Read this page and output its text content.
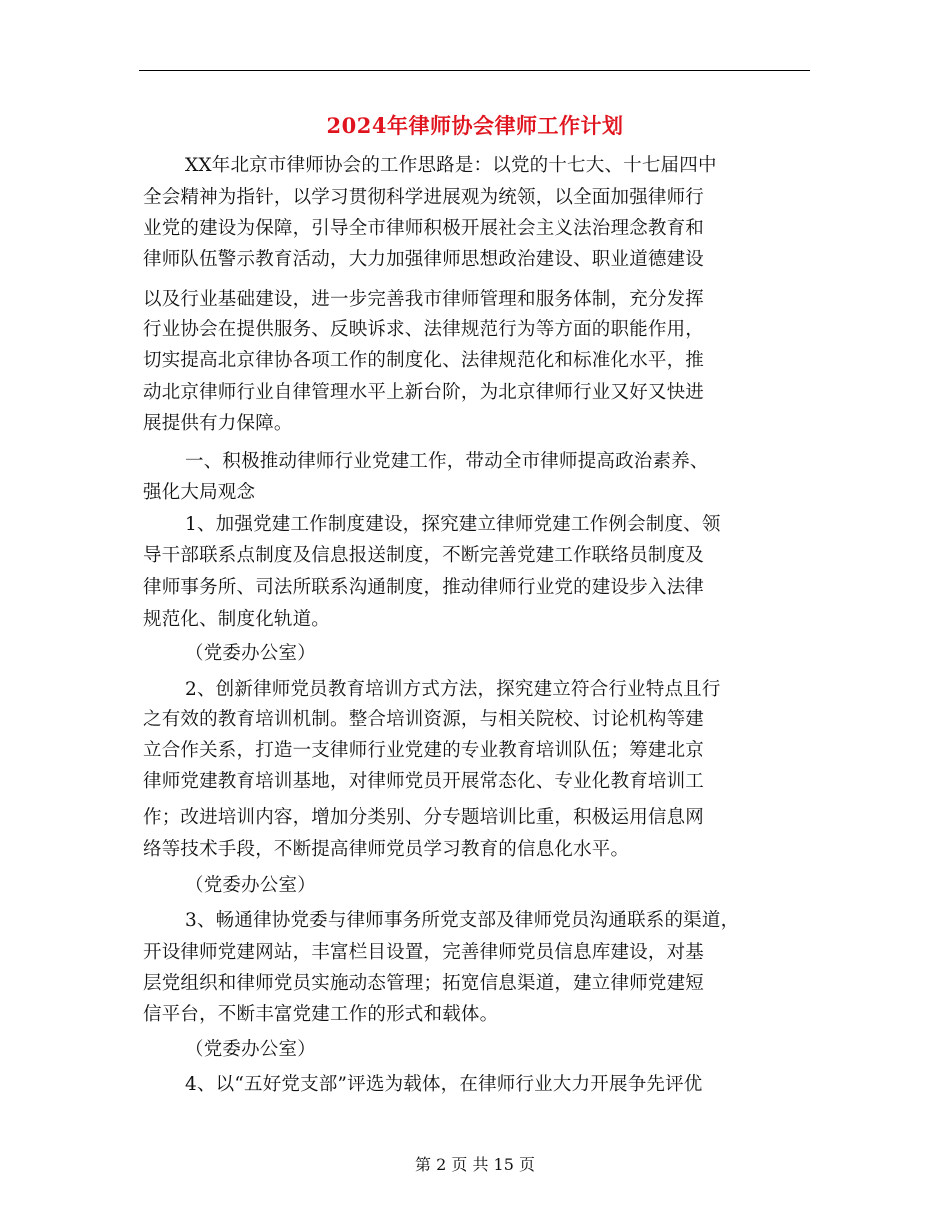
2024年律师协会律师工作计划
XX年北京市律师协会的工作思路是：以党的十七大、十七届四中
全会精神为指针，以学习贯彻科学进展观为统领，以全面加强律师行
业党的建设为保障，引导全市律师积极开展社会主义法治理念教育和
律师队伍警示教育活动，大力加强律师思想政治建设、职业道德建设
以及行业基础建设，进一步完善我市律师管理和服务体制，充分发挥
行业协会在提供服务、反映诉求、法律规范行为等方面的职能作用，
切实提高北京律协各项工作的制度化、法律规范化和标准化水平，推
动北京律师行业自律管理水平上新台阶，为北京律师行业又好又快进
展提供有力保障。
一、积极推动律师行业党建工作，带动全市律师提高政治素养、
强化大局观念
1、加强党建工作制度建设，探究建立律师党建工作例会制度、领
导干部联系点制度及信息报送制度，不断完善党建工作联络员制度及
律师事务所、司法所联系沟通制度，推动律师行业党的建设步入法律
规范化、制度化轨道。
（党委办公室）
2、创新律师党员教育培训方式方法，探究建立符合行业特点且行
之有效的教育培训机制。整合培训资源，与相关院校、讨论机构等建
立合作关系，打造一支律师行业党建的专业教育培训队伍；筹建北京
律师党建教育培训基地，对律师党员开展常态化、专业化教育培训工
作；改进培训内容，增加分类别、分专题培训比重，积极运用信息网
络等技术手段，不断提高律师党员学习教育的信息化水平。
（党委办公室）
3、畅通律协党委与律师事务所党支部及律师党员沟通联系的渠道，
开设律师党建网站，丰富栏目设置，完善律师党员信息库建设，对基
层党组织和律师党员实施动态管理；拓宽信息渠道，建立律师党建短
信平台，不断丰富党建工作的形式和载体。
（党委办公室）
4、以“五好党支部”评选为载体，在律师行业大力开展争先评优
第 2 页 共 15 页
